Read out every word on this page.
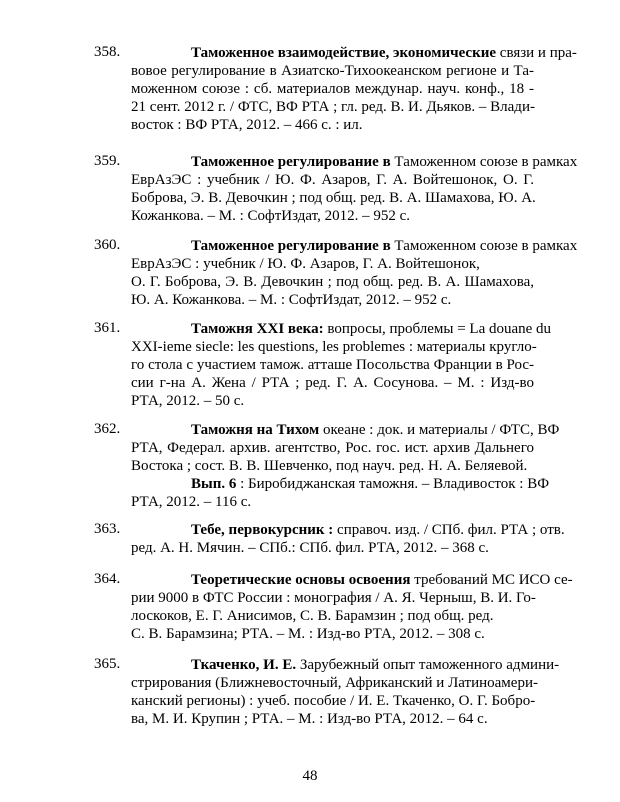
358.	Таможенное взаимодействие, экономические связи и пра-
вовое регулирование в Азиатско-Тихоокеанском регионе и Та-
моженном союзе : сб. материалов междунар. науч. конф., 18 -
21 сент. 2012 г. / ФТС, ВФ РТА ; гл. ред. В. И. Дьяков. – Влади-
восток : ВФ РТА, 2012. – 466 с. : ил.
359.	Таможенное регулирование в Таможенном союзе в рамках
ЕврАзЭС : учебник / Ю. Ф. Азаров, Г. А. Войтешонок, О. Г.
Боброва, Э. В. Девочкин ; под общ. ред. В. А. Шамахова, Ю. А.
Кожанкова. – М. : СофтИздат, 2012. – 952 с.
360.	Таможенное регулирование в Таможенном союзе в рамках
ЕврАзЭС : учебник / Ю. Ф. Азаров, Г. А. Войтешонок,
О. Г. Боброва, Э. В. Девочкин ; под общ. ред. В. А. Шамахова,
Ю. А. Кожанкова. – М. : СофтИздат, 2012. – 952 с.
361.	Таможня XXI века: вопросы, проблемы = La douane du
XXI-ieme siecle: les questions, les problemes : материалы кругло-
го стола с участием тамож. атташе Посольства Франции в Рос-
сии г-на А. Жена / РТА ; ред. Г. А. Сосунова. – М. : Изд-во
РТА, 2012. – 50 с.
362.	Таможня на Тихом океане : док. и материалы / ФТС, ВФ
РТА, Федерал. архив. агентство, Рос. гос. ист. архив Дальнего
Востока ; сост. В. В. Шевченко, под науч. ред. Н. А. Беляевой.
Вып. 6 : Биробиджанская таможня. – Владивосток : ВФ
РТА, 2012. – 116 с.
363.	Тебе, первокурсник : справоч. изд. / СПб. фил. РТА ; отв.
ред. А. Н. Мячин. – СПб.: СПб. фил. РТА, 2012. – 368 с.
364.	Теоретические основы освоения требований МС ИСО се-
рии 9000 в ФТС России : монография / А. Я. Черныш, В. И. Го-
лоскоков, Е. Г. Анисимов, С. В. Барамзин ; под общ. ред.
С. В. Барамзина; РТА. – М. : Изд-во РТА, 2012. – 308 с.
365.	Ткаченко, И. Е. Зарубежный опыт таможенного админи-
стрирования (Ближневосточный, Африканский и Латиноамери-
канский регионы) : учеб. пособие / И. Е. Ткаченко, О. Г. Бобро-
ва, М. И. Крупин ; РТА. – М. : Изд-во РТА, 2012. – 64 с.
48
